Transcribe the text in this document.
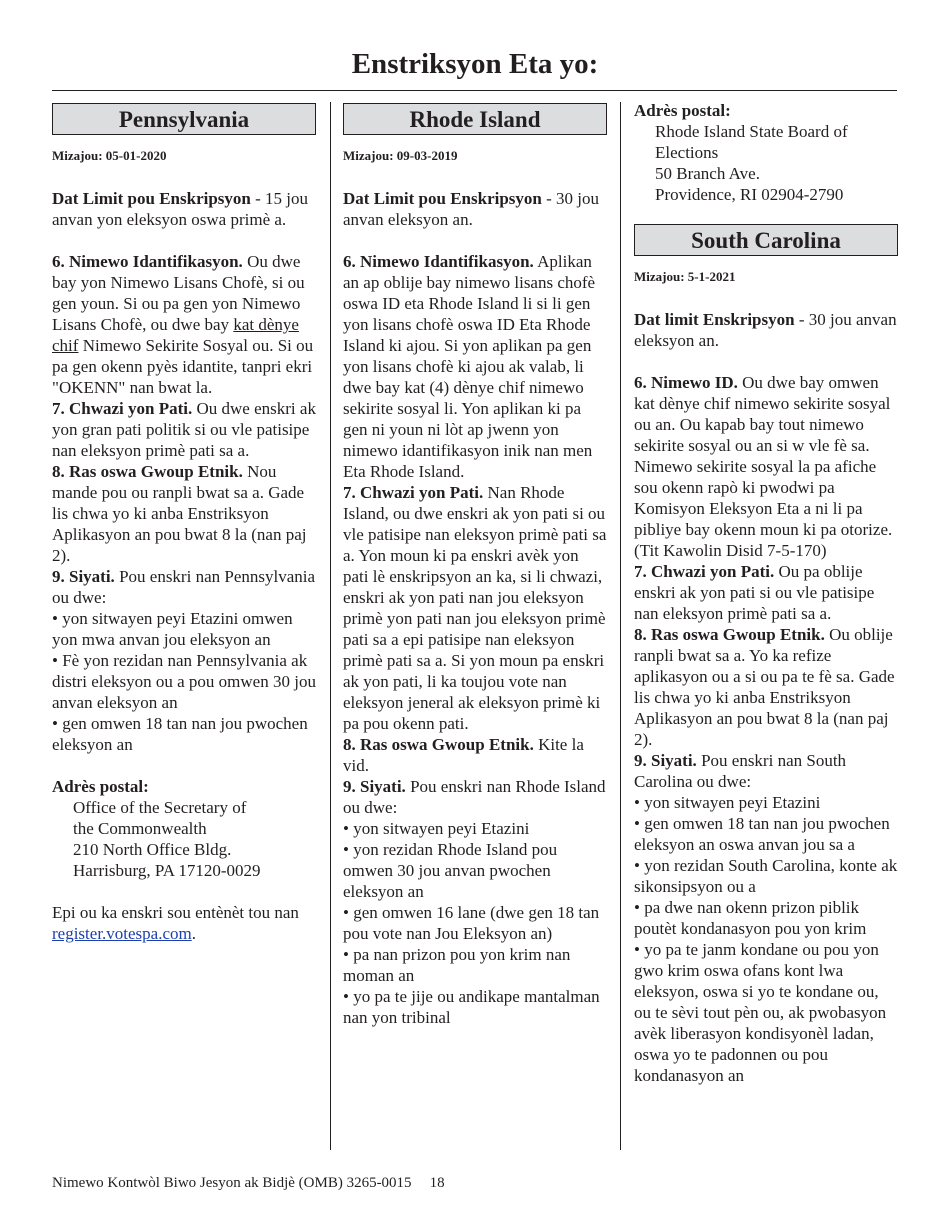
Enstriksyon Eta yo:
Pennsylvania

Mizajou: 05-01-2020

Dat Limit pou Enskripsyon - 15 jou anvan yon eleksyon oswa primè a.

6. Nimewo Idantifikasyon. Ou dwe bay yon Nimewo Lisans Chofè, si ou gen youn. Si ou pa gen yon Nimewo Lisans Chofè, ou dwe bay kat dènye chif Nimewo Sekirite Sosyal ou. Si ou pa gen okenn pyès idantite, tanpri ekri "OKENN" nan bwat la.

7. Chwazi yon Pati. Ou dwe enskri ak yon gran pati politik si ou vle patisipe nan eleksyon primè pati sa a.

8. Ras oswa Gwoup Etnik. Nou mande pou ou ranpli bwat sa a. Gade lis chwa yo ki anba Enstriksyon Aplikasyon an pou bwat 8 la (nan paj 2).

9. Siyati. Pou enskri nan Pennsylvania ou dwe:

• yon sitwayen peyi Etazini omwen yon mwa anvan jou eleksyon an

• Fè yon rezidan nan Pennsylvania ak distri eleksyon ou a pou omwen 30 jou anvan eleksyon an

• gen omwen 18 tan nan jou pwochen eleksyon an

Adrès postal:

Office of the Secretary of

the Commonwealth

210 North Office Bldg.

Harrisburg, PA 17120-0029

Epi ou ka enskri sou entènèt tou nan register.votespa.com.

Rhode Island

Mizajou: 09-03-2019

Dat Limit pou Enskripsyon - 30 jou anvan eleksyon an.

6. Nimewo Idantifikasyon. Aplikan an ap oblije bay nimewo lisans chofè oswa ID eta Rhode Island li si li gen yon lisans chofè oswa ID Eta Rhode Island ki ajou. Si yon aplikan pa gen yon lisans chofè ki ajou ak valab, li dwe bay kat (4) dènye chif nimewo sekirite sosyal li. Yon aplikan ki pa gen ni youn ni lòt ap jwenn yon nimewo idantifikasyon inik nan men Eta Rhode Island.

7. Chwazi yon Pati. Nan Rhode Island, ou dwe enskri ak yon pati si ou vle patisipe nan eleksyon primè pati sa a. Yon moun ki pa enskri avèk yon pati lè enskripsyon an ka, si li chwazi, enskri ak yon pati nan jou eleksyon primè yon pati nan jou eleksyon primè pati sa a epi patisipe nan eleksyon primè pati sa a. Si yon moun pa enskri ak yon pati, li ka toujou vote nan eleksyon jeneral ak eleksyon primè ki pa pou okenn pati.

8. Ras oswa Gwoup Etnik. Kite la vid.

9. Siyati. Pou enskri nan Rhode Island ou dwe:

• yon sitwayen peyi Etazini

• yon rezidan Rhode Island pou omwen 30 jou anvan pwochen eleksyon an

• gen omwen 16 lane (dwe gen 18 tan pou vote nan Jou Eleksyon an)

• pa nan prizon pou yon krim nan moman an

• yo pa te jije ou andikape mantalman nan yon tribinal

Adrès postal:

Rhode Island State Board of

Elections

50 Branch Ave.

Providence, RI 02904-2790

South Carolina

Mizajou: 5-1-2021

Dat limit Enskripsyon - 30 jou anvan eleksyon an.

6. Nimewo ID. Ou dwe bay omwen kat dènye chif nimewo sekirite sosyal ou an. Ou kapab bay tout nimewo sekirite sosyal ou an si w vle fè sa. Nimewo sekirite sosyal la pa afiche sou okenn rapò ki pwodwi pa Komisyon Eleksyon Eta a ni li pa pibliye bay okenn moun ki pa otorize. (Tit Kawolin Disid 7-5-170)

7. Chwazi yon Pati. Ou pa oblije enskri ak yon pati si ou vle patisipe nan eleksyon primè pati sa a.

8. Ras oswa Gwoup Etnik. Ou oblije ranpli bwat sa a. Yo ka refize aplikasyon ou a si ou pa te fè sa. Gade lis chwa yo ki anba Enstriksyon Aplikasyon an pou bwat 8 la (nan paj 2).

9. Siyati. Pou enskri nan South Carolina ou dwe:

• yon sitwayen peyi Etazini

• gen omwen 18 tan nan jou pwochen eleksyon an oswa anvan jou sa a

• yon rezidan South Carolina, konte ak sikonsipsyon ou a

• pa dwe nan okenn prizon piblik poutèt kondanasyon pou yon krim

• yo pa te janm kondane ou pou yon gwo krim oswa ofans kont lwa eleksyon, oswa si yo te kondane ou, ou te sèvi tout pèn ou, ak pwobasyon avèk liberasyon kondisyonèl ladan, oswa yo te padonnen ou pou kondanasyon an

Nimewo Kontwòl Biwo Jesyon ak Bidjè (OMB) 3265-0015 18
